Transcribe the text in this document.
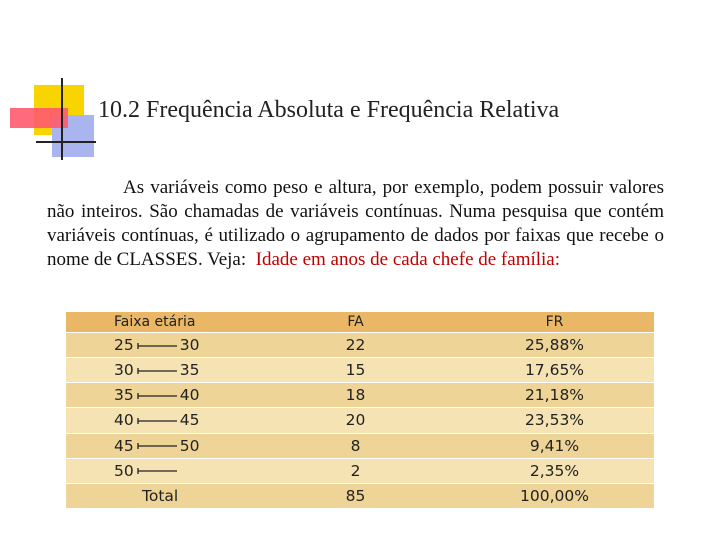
10.2 Frequência Absoluta e Frequência Relativa

As variáveis como peso e altura, por exemplo, podem possuir valores não inteiros. São chamadas de variáveis contínuas. Numa pesquisa que contém variáveis contínuas, é utilizado o agrupamento de dados por faixas que recebe o nome de CLASSES. Veja: Idade em anos de cada chefe de família:

Faixa etária	FA	FR
25 30	22	25,88%
30 35	15	17,65%
35 40	18	21,18%
40 45	20	23,53%
45 50	8	9,41%
50	2	2,35%
Total	85	100,00%
